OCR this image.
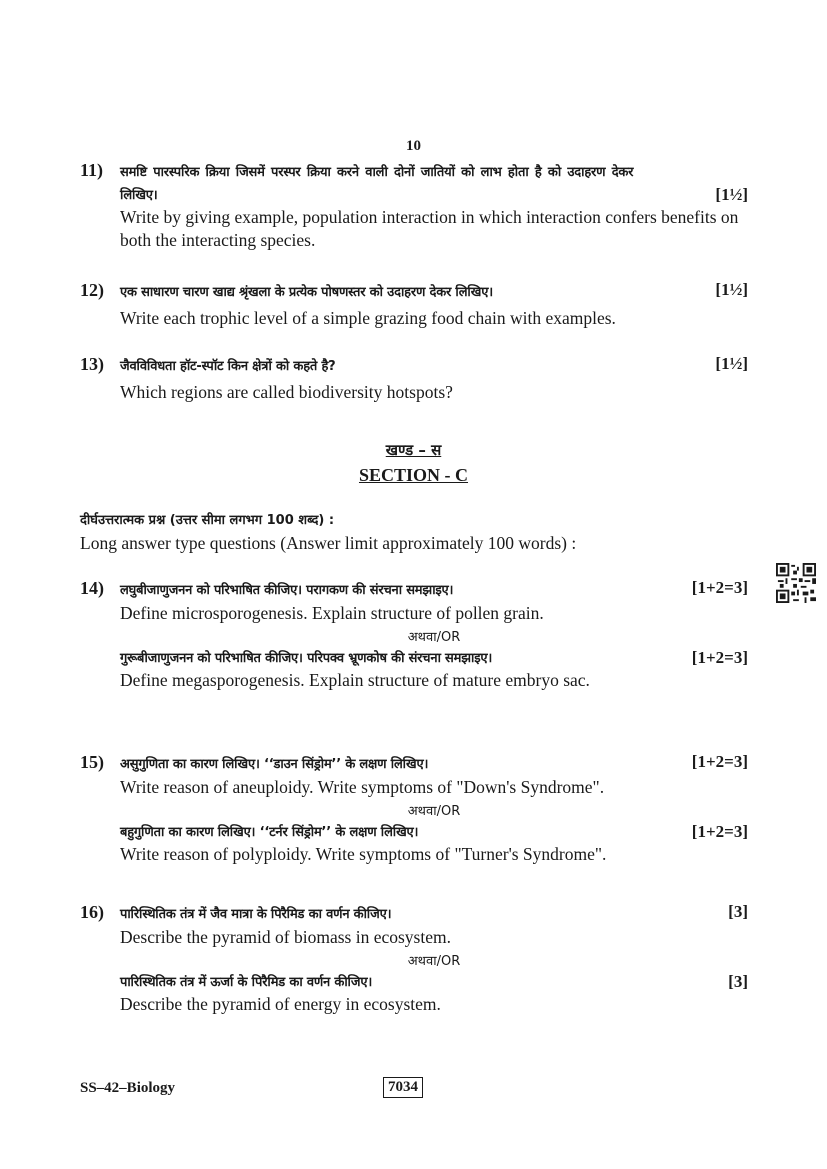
10
11)	समष्टि पारस्परिक क्रिया जिसमें परस्पर क्रिया करने वाली दोनों जातियों को लाभ होता है को उदाहरण देकर
लिखिए।	[1½]
Write by giving example, population interaction in which interaction confers benefits on both the interacting species.
12)	एक साधारण चारण खाद्य श्रृंखला के प्रत्येक पोषणस्तर को उदाहरण देकर लिखिए।	[1½]
Write each trophic level of a simple grazing food chain with examples.
13)	जैवविविधता हॉट-स्पॉट किन क्षेत्रों को कहते है?	[1½]
Which regions are called biodiversity hotspots?
खण्ड – स
SECTION - C
दीर्घउत्तरात्मक प्रश्न (उत्तर सीमा लगभग 100 शब्द) :
Long answer type questions (Answer limit approximately 100 words) :
14)	लघुबीजाणुजनन को परिभाषित कीजिए। परागकण की संरचना समझाइए।	[1+2=3]
Define microsporogenesis. Explain structure of pollen grain.
अथवा/OR
गुरूबीजाणुजनन को परिभाषित कीजिए। परिपक्व भ्रूणकोष की संरचना समझाइए।	[1+2=3]
Define megasporogenesis. Explain structure of mature embryo sac.
15)	असुगुणिता का कारण लिखिए। ‘‘डाउन सिंड्रोम’’ के लक्षण लिखिए।	[1+2=3]
Write reason of aneuploidy. Write symptoms of "Down's Syndrome".
अथवा/OR
बहुगुणिता का कारण लिखिए। ‘‘टर्नर सिंड्रोम’’ के लक्षण लिखिए।	[1+2=3]
Write reason of polyploidy. Write symptoms of "Turner's Syndrome".
16)	पारिस्थितिक तंत्र में जैव मात्रा के पिरैमिड का वर्णन कीजिए।	[3]
Describe the pyramid of biomass in ecosystem.
अथवा/OR
पारिस्थितिक तंत्र में ऊर्जा के पिरैमिड का वर्णन कीजिए।	[3]
Describe the pyramid of energy in ecosystem.
SS–42–Biology	7034
